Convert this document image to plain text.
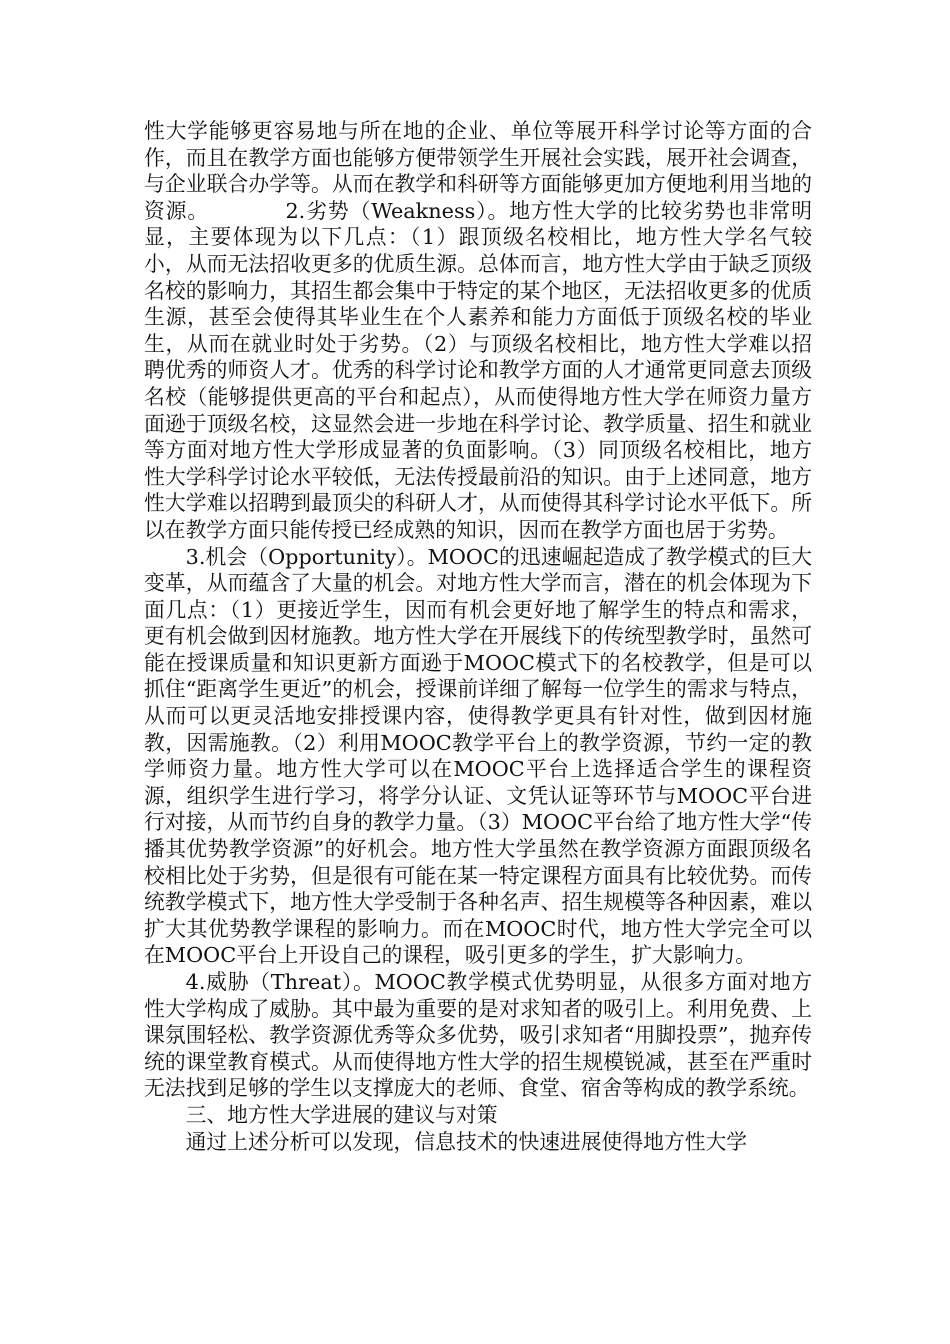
性大学能够更容易地与所在地的企业、单位等展开科学讨论等方面的合作，而且在教学方面也能够方便带领学生开展社会实践，展开社会调查，与企业联合办学等。从而在教学和科研等方面能够更加方便地利用当地的资源。　　　　2.劣势（Weakness）。地方性大学的比较劣势也非常明显，主要体现为以下几点：（1）跟顶级名校相比，地方性大学名气较小，从而无法招收更多的优质生源。总体而言，地方性大学由于缺乏顶级名校的影响力，其招生都会集中于特定的某个地区，无法招收更多的优质生源，甚至会使得其毕业生在个人素养和能力方面低于顶级名校的毕业生，从而在就业时处于劣势。（2）与顶级名校相比，地方性大学难以招聘优秀的师资人才。优秀的科学讨论和教学方面的人才通常更同意去顶级名校（能够提供更高的平台和起点），从而使得地方性大学在师资力量方面逊于顶级名校，这显然会进一步地在科学讨论、教学质量、招生和就业等方面对地方性大学形成显著的负面影响。（3）同顶级名校相比，地方性大学科学讨论水平较低，无法传授最前沿的知识。由于上述同意，地方性大学难以招聘到最顶尖的科研人才，从而使得其科学讨论水平低下。所以在教学方面只能传授已经成熟的知识，因而在教学方面也居于劣势。

3.机会（Opportunity）。MOOC的迅速崛起造成了教学模式的巨大变革，从而蕴含了大量的机会。对地方性大学而言，潜在的机会体现为下面几点：（1）更接近学生，因而有机会更好地了解学生的特点和需求，更有机会做到因材施教。地方性大学在开展线下的传统型教学时，虽然可能在授课质量和知识更新方面逊于MOOC模式下的名校教学，但是可以抓住“距离学生更近”的机会，授课前详细了解每一位学生的需求与特点，从而可以更灵活地安排授课内容，使得教学更具有针对性，做到因材施教，因需施教。（2）利用MOOC教学平台上的教学资源，节约一定的教学师资力量。地方性大学可以在MOOC平台上选择适合学生的课程资源，组织学生进行学习，将学分认证、文凭认证等环节与MOOC平台进行对接，从而节约自身的教学力量。（3）MOOC平台给了地方性大学“传播其优势教学资源”的好机会。地方性大学虽然在教学资源方面跟顶级名校相比处于劣势，但是很有可能在某一特定课程方面具有比较优势。而传统教学模式下，地方性大学受制于各种名声、招生规模等各种因素，难以扩大其优势教学课程的影响力。而在MOOC时代，地方性大学完全可以在MOOC平台上开设自己的课程，吸引更多的学生，扩大影响力。

4.威胁（Threat）。MOOC教学模式优势明显，从很多方面对地方性大学构成了威胁。其中最为重要的是对求知者的吸引上。利用免费、上课氛围轻松、教学资源优秀等众多优势，吸引求知者“用脚投票”，抛弃传统的课堂教育模式。从而使得地方性大学的招生规模锐减，甚至在严重时无法找到足够的学生以支撑庞大的老师、食堂、宿舍等构成的教学系统。

三、地方性大学进展的建议与对策

通过上述分析可以发现，信息技术的快速进展使得地方性大学
